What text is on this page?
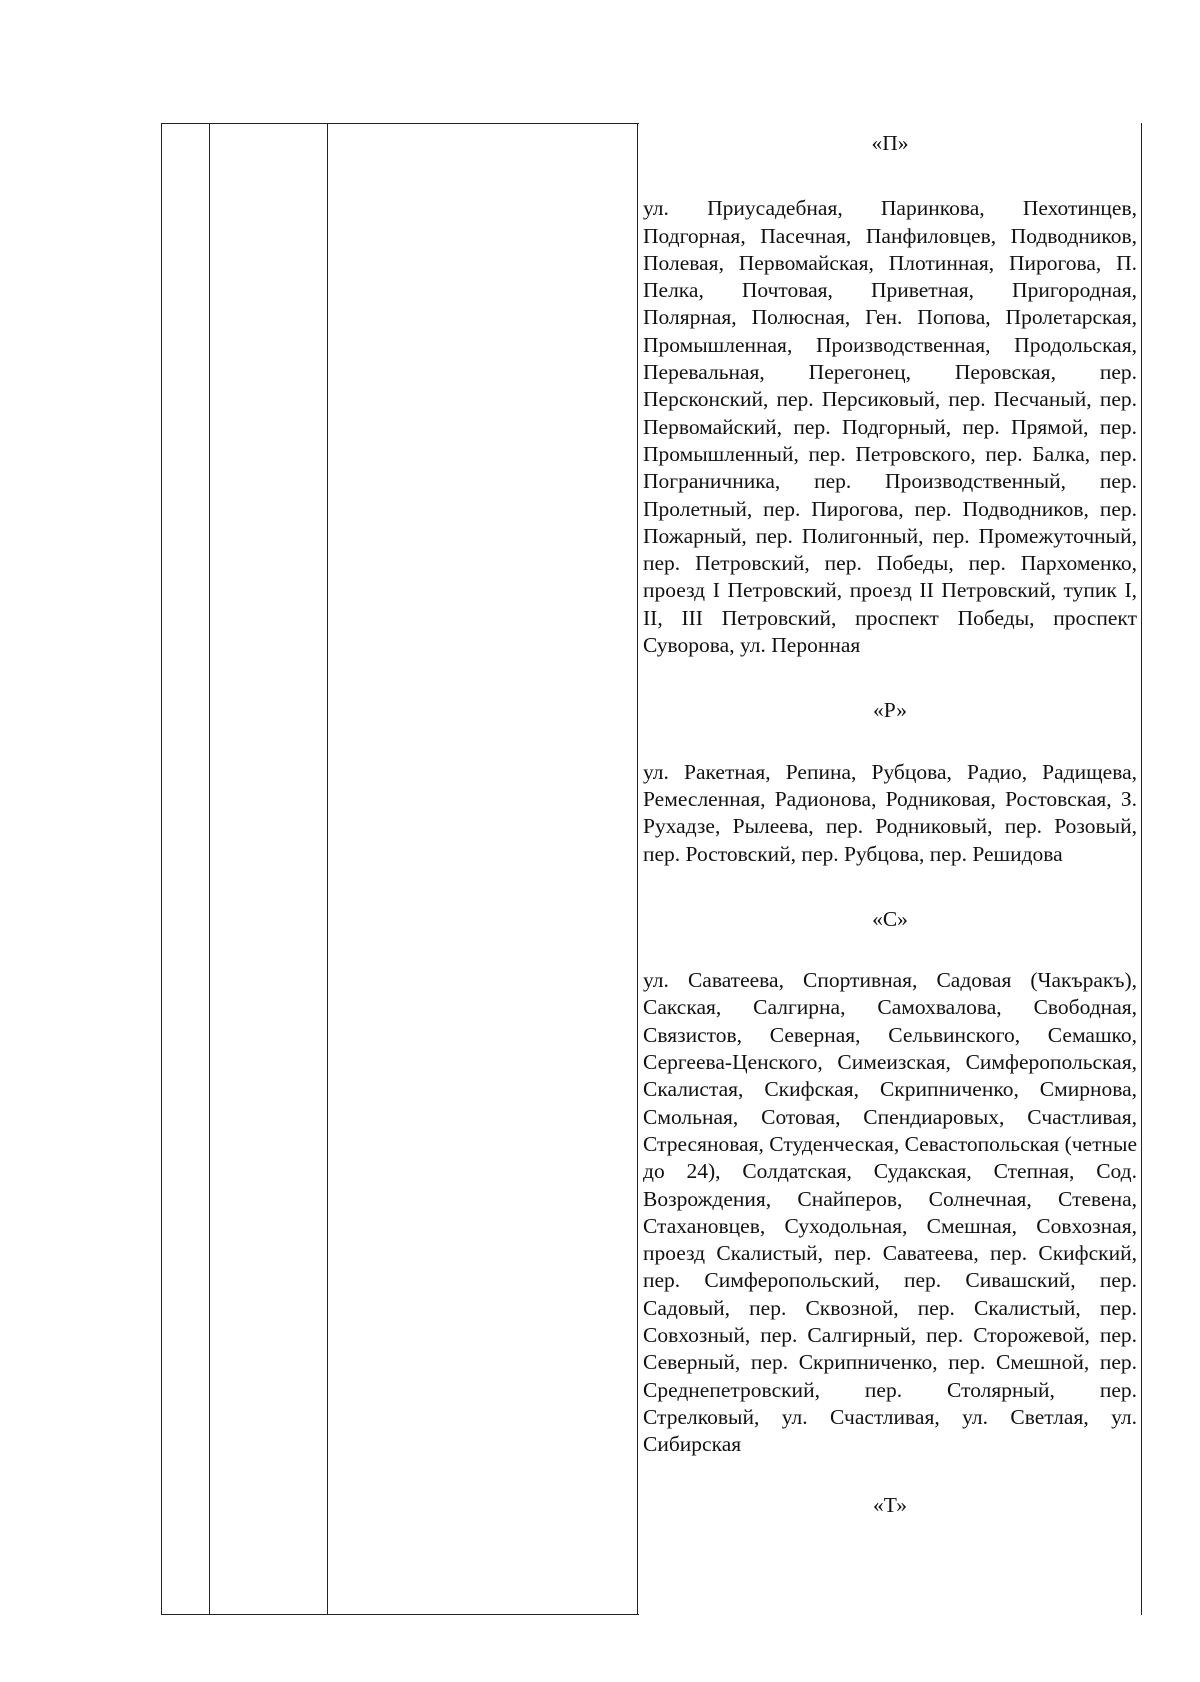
«П»

ул. Приусадебная, Паринкова, Пехотинцев, Подгорная, Пасечная, Панфиловцев, Подводников, Полевая, Первомайская, Плотинная, Пирогова, П. Пелка, Почтовая, Приветная, Пригородная, Полярная, Полюсная, Ген. Попова, Пролетарская, Промышленная, Производственная, Продольская, Перевальная, Перегонец, Перовская, пер. Персконский, пер. Персиковый, пер. Песчаный, пер. Первомайский, пер. Подгорный, пер. Прямой, пер. Промышленный, пер. Петровского, пер. Балка, пер. Пограничника, пер. Производственный, пер. Пролетный, пер. Пирогова, пер. Подводников, пер. Пожарный, пер. Полигонный, пер. Промежуточный, пер. Петровский, пер. Победы, пер. Пархоменко, проезд I Петровский, проезд II Петровский, тупик I, II, III Петровский, проспект Победы, проспект Суворова, ул. Перонная

«Р»

ул. Ракетная, Репина, Рубцова, Радио, Радищева, Ремесленная, Радионова, Родниковая, Ростовская, З. Рухадзе, Рылеева, пер. Родниковый, пер. Розовый, пер. Ростовский, пер. Рубцова, пер. Решидова

«С»

ул. Саватеева, Спортивная, Садовая (Чакъракъ), Сакская, Салгирна, Самохвалова, Свободная, Связистов, Северная, Сельвинского, Семашко, Сергеева-Ценского, Симеизская, Симферопольская, Скалистая, Скифская, Скрипниченко, Смирнова, Смольная, Сотовая, Спендиаровых, Счастливая, Стресяновая, Студенческая, Севастопольская (четные до 24), Солдатская, Судакская, Степная, Сод. Возрождения, Снайперов, Солнечная, Стевена, Стахановцев, Суходольная, Смешная, Совхозная, проезд Скалистый, пер. Саватеева, пер. Скифский, пер. Симферопольский, пер. Сивашский, пер. Садовый, пер. Сквозной, пер. Скалистый, пер. Совхозный, пер. Салгирный, пер. Сторожевой, пер. Северный, пер. Скрипниченко, пер. Смешной, пер. Среднепетровский, пер. Столярный, пер. Стрелковый, ул. Счастливая, ул. Светлая, ул. Сибирская

«Т»
